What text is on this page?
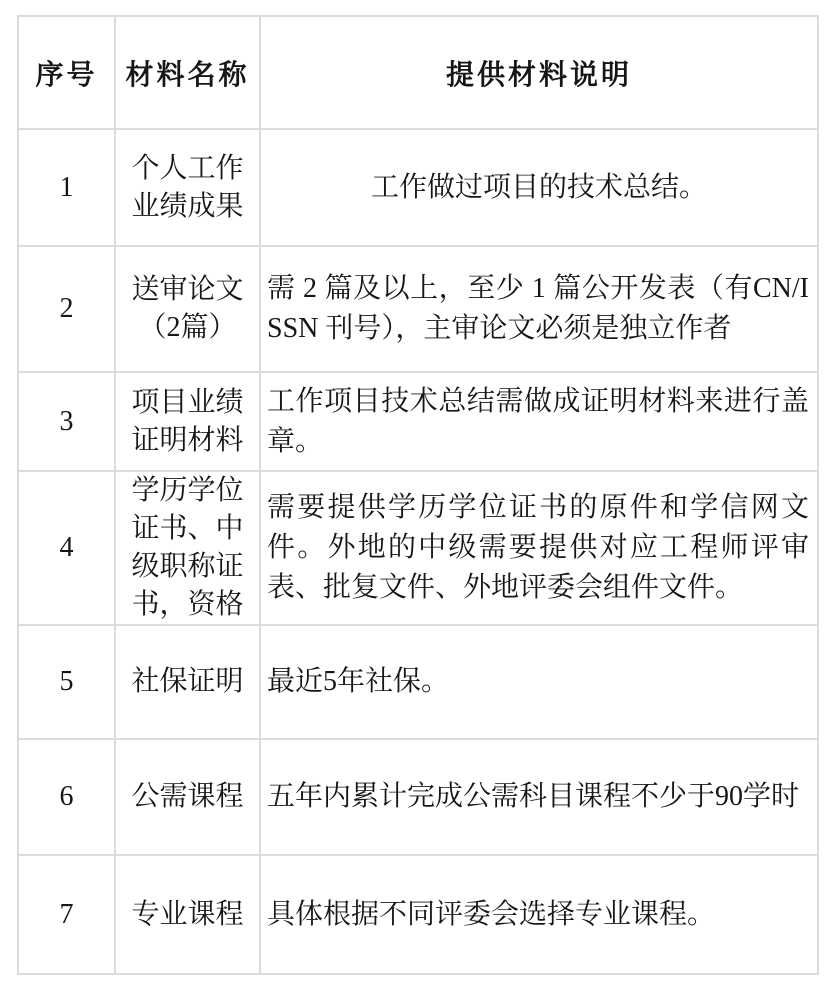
序号	材料名称	提供材料说明
1	个人工作业绩成果	工作做过项目的技术总结。
2	送审论文（2篇）	需 2 篇及以上，至少 1 篇公开发表（有CN/ISSN 刊号），主审论文必须是独立作者
3	项目业绩证明材料	工作项目技术总结需做成证明材料来进行盖章。
4	学历学位证书、中级职称证书，资格	需要提供学历学位证书的原件和学信网文件。外地的中级需要提供对应工程师评审表、批复文件、外地评委会组件文件。
5	社保证明	最近5年社保。
6	公需课程	五年内累计完成公需科目课程不少于90学时
7	专业课程	具体根据不同评委会选择专业课程。
